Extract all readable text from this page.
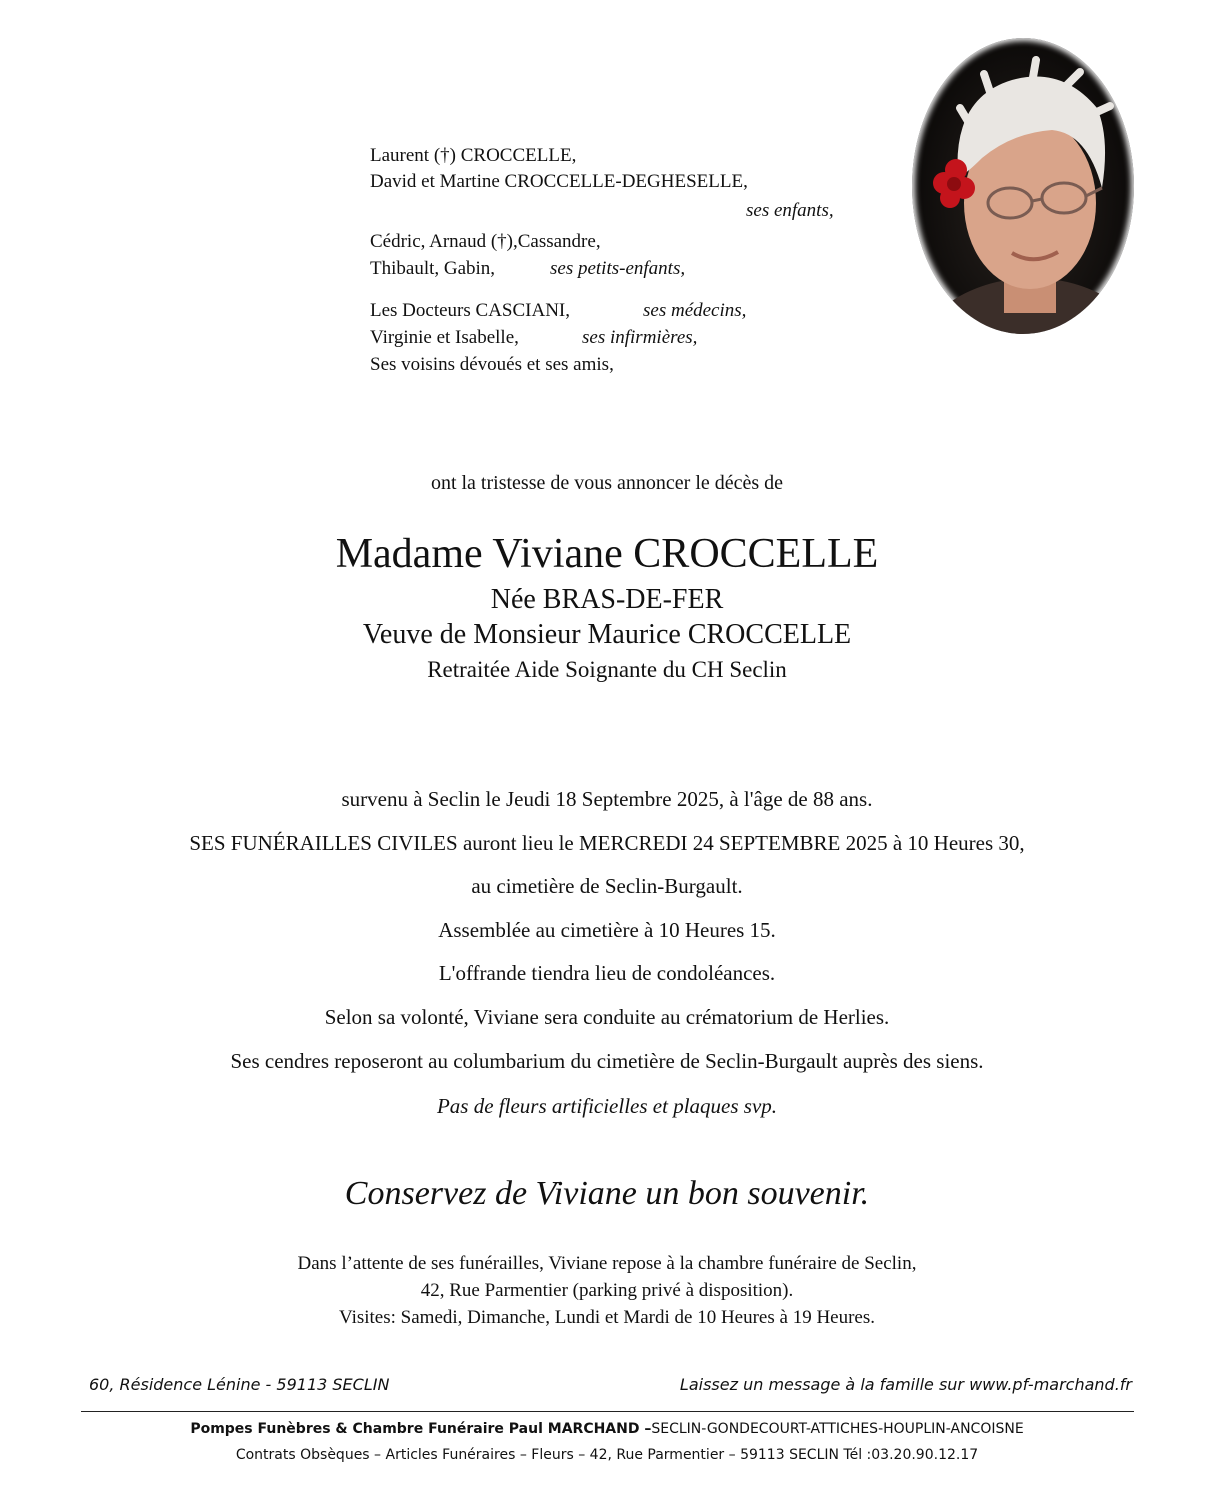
Laurent (†) CROCCELLE,
David et Martine CROCCELLE-DEGHESELLE,
ses enfants,
Cédric, Arnaud (†),Cassandre,
Thibault, Gabin,	ses petits-enfants,
Les Docteurs CASCIANI,	ses médecins,
Virginie et Isabelle,	ses infirmières,
Ses voisins dévoués et ses amis,
ont la tristesse de vous annoncer le décès de
Madame Viviane CROCCELLE
Née BRAS-DE-FER
Veuve de Monsieur Maurice CROCCELLE
Retraitée Aide Soignante du CH Seclin
survenu à Seclin le Jeudi 18 Septembre 2025, à l'âge de 88 ans.
SES FUNÉRAILLES CIVILES auront lieu le MERCREDI 24 SEPTEMBRE 2025 à 10 Heures 30,
au cimetière de Seclin-Burgault.
Assemblée au cimetière à 10 Heures 15.
L'offrande tiendra lieu de condoléances.
Selon sa volonté, Viviane sera conduite au crématorium de Herlies.
Ses cendres reposeront au columbarium du cimetière de Seclin-Burgault auprès des siens.
Pas de fleurs artificielles et plaques svp.
Conservez de Viviane un bon souvenir.
Dans l’attente de ses funérailles, Viviane repose à la chambre funéraire de Seclin,
42, Rue Parmentier (parking privé à disposition).
Visites: Samedi, Dimanche, Lundi et Mardi de 10 Heures à 19 Heures.
60, Résidence Lénine - 59113 SECLIN	Laissez un message à la famille sur www.pf-marchand.fr
Pompes Funèbres & Chambre Funéraire Paul MARCHAND –SECLIN-GONDECOURT-ATTICHES-HOUPLIN-ANCOISNE
Contrats Obsèques – Articles Funéraires – Fleurs – 42, Rue Parmentier – 59113 SECLIN Tél :03.20.90.12.17
